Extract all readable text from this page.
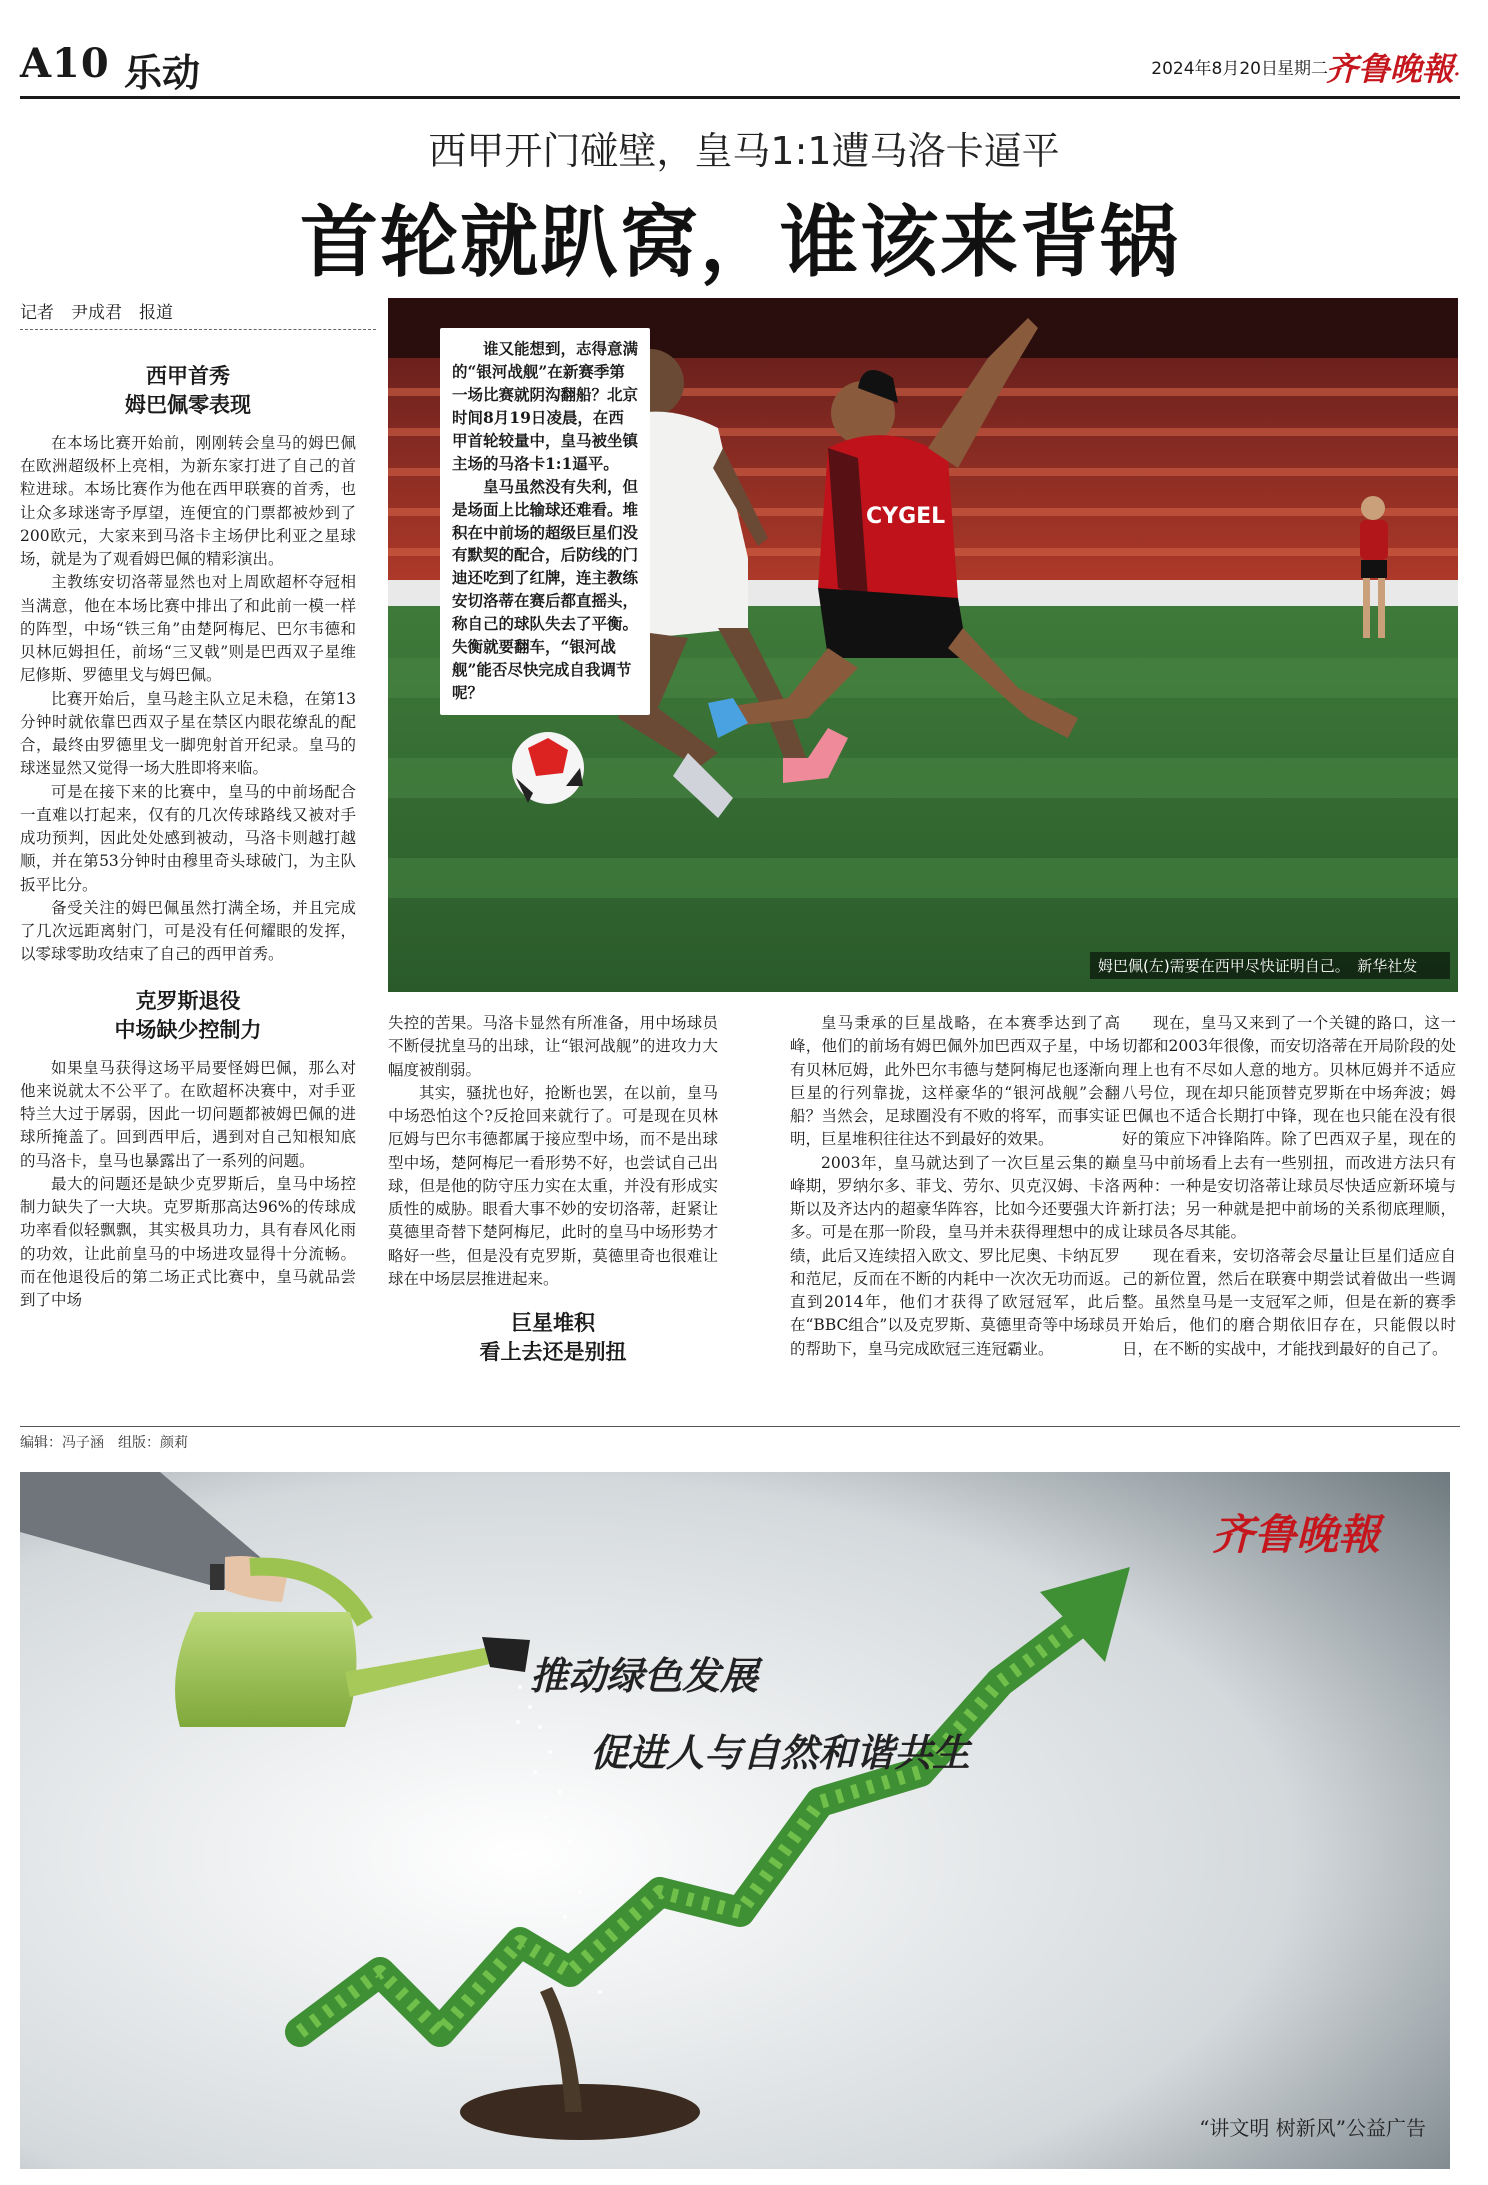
A10 乐动	2024年8月20日 星期二
齐鲁晚報·
西甲开门碰壁，皇马1:1遭马洛卡逼平
首轮就趴窝，谁该来背锅
记者　尹成君　报道
CYGEL
姆巴佩(左)需要在西甲尽快证明自己。　新华社发

谁又能想到，志得意满的“银河战舰”在新赛季第一场比赛就阴沟翻船？北京时间8月19日凌晨，在西甲首轮较量中，皇马被坐镇主场的马洛卡1:1逼平。

皇马虽然没有失利，但是场面上比输球还难看。堆积在中前场的超级巨星们没有默契的配合，后防线的门迪还吃到了红牌，连主教练安切洛蒂在赛后都直摇头，称自己的球队失去了平衡。失衡就要翻车，“银河战舰”能否尽快完成自我调节呢？

西甲首秀
姆巴佩零表现

在本场比赛开始前，刚刚转会皇马的姆巴佩在欧洲超级杯上亮相，为新东家打进了自己的首粒进球。本场比赛作为他在西甲联赛的首秀，也让众多球迷寄予厚望，连便宜的门票都被炒到了200欧元，大家来到马洛卡主场伊比利亚之星球场，就是为了观看姆巴佩的精彩演出。

主教练安切洛蒂显然也对上周欧超杯夺冠相当满意，他在本场比赛中排出了和此前一模一样的阵型，中场“铁三角”由楚阿梅尼、巴尔韦德和贝林厄姆担任，前场“三叉戟”则是巴西双子星维尼修斯、罗德里戈与姆巴佩。

比赛开始后，皇马趁主队立足未稳，在第13分钟时就依靠巴西双子星在禁区内眼花缭乱的配合，最终由罗德里戈一脚兜射首开纪录。皇马的球迷显然又觉得一场大胜即将来临。

可是在接下来的比赛中，皇马的中前场配合一直难以打起来，仅有的几次传球路线又被对手成功预判，因此处处感到被动，马洛卡则越打越顺，并在第53分钟时由穆里奇头球破门，为主队扳平比分。

备受关注的姆巴佩虽然打满全场，并且完成了几次远距离射门，可是没有任何耀眼的发挥，以零球零助攻结束了自己的西甲首秀。

克罗斯退役
中场缺少控制力

如果皇马获得这场平局要怪姆巴佩，那么对他来说就太不公平了。在欧超杯决赛中，对手亚特兰大过于孱弱，因此一切问题都被姆巴佩的进球所掩盖了。回到西甲后，遇到对自己知根知底的马洛卡，皇马也暴露出了一系列的问题。

最大的问题还是缺少克罗斯后，皇马中场控制力缺失了一大块。克罗斯那高达96%的传球成功率看似轻飘飘，其实极具功力，具有春风化雨的功效，让此前皇马的中场进攻显得十分流畅。而在他退役后的第二场正式比赛中，皇马就品尝到了中场

失控的苦果。马洛卡显然有所准备，用中场球员不断侵扰皇马的出球，让“银河战舰”的进攻力大幅度被削弱。

其实，骚扰也好，抢断也罢，在以前，皇马中场恐怕这个?反抢回来就行了。可是现在贝林厄姆与巴尔韦德都属于接应型中场，而不是出球型中场，楚阿梅尼一看形势不好，也尝试自己出球，但是他的防守压力实在太重，并没有形成实质性的威胁。眼看大事不妙的安切洛蒂，赶紧让莫德里奇替下楚阿梅尼，此时的皇马中场形势才略好一些，但是没有克罗斯，莫德里奇也很难让球在中场层层推进起来。

巨星堆积
看上去还是别扭

皇马秉承的巨星战略，在本赛季达到了高峰，他们的前场有姆巴佩外加巴西双子星，中场有贝林厄姆，此外巴尔韦德与楚阿梅尼也逐渐向巨星的行列靠拢，这样豪华的“银河战舰”会翻船？当然会，足球圈没有不败的将军，而事实证明，巨星堆积往往达不到最好的效果。

2003年，皇马就达到了一次巨星云集的巅峰期，罗纳尔多、菲戈、劳尔、贝克汉姆、卡洛斯以及齐达内的超豪华阵容，比如今还要强大许多。可是在那一阶段，皇马并未获得理想中的成绩，此后又连续招入欧文、罗比尼奥、卡纳瓦罗和范尼，反而在不断的内耗中一次次无功而返。直到2014年，他们才获得了欧冠冠军，此后在“BBC组合”以及克罗斯、莫德里奇等中场球员的帮助下，皇马完成欧冠三连冠霸业。

现在，皇马又来到了一个关键的路口，这一切都和2003年很像，而安切洛蒂在开局阶段的处理上也有不尽如人意的地方。贝林厄姆并不适应八号位，现在却只能顶替克罗斯在中场奔波；姆巴佩也不适合长期打中锋，现在也只能在没有很好的策应下冲锋陷阵。除了巴西双子星，现在的皇马中前场看上去有一些别扭，而改进方法只有两种：一种是安切洛蒂让球员尽快适应新环境与新打法；另一种就是把中前场的关系彻底理顺，让球员各尽其能。

现在看来，安切洛蒂会尽量让巨星们适应自己的新位置，然后在联赛中期尝试着做出一些调整。虽然皇马是一支冠军之师，但是在新的赛季开始后，他们的磨合期依旧存在，只能假以时日，在不断的实战中，才能找到最好的自己了。

编辑：冯子涵　组版：颜莉
齐鲁晚報
推动绿色发展
促进人与自然和谐共生
“讲文明 树新风”公益广告
